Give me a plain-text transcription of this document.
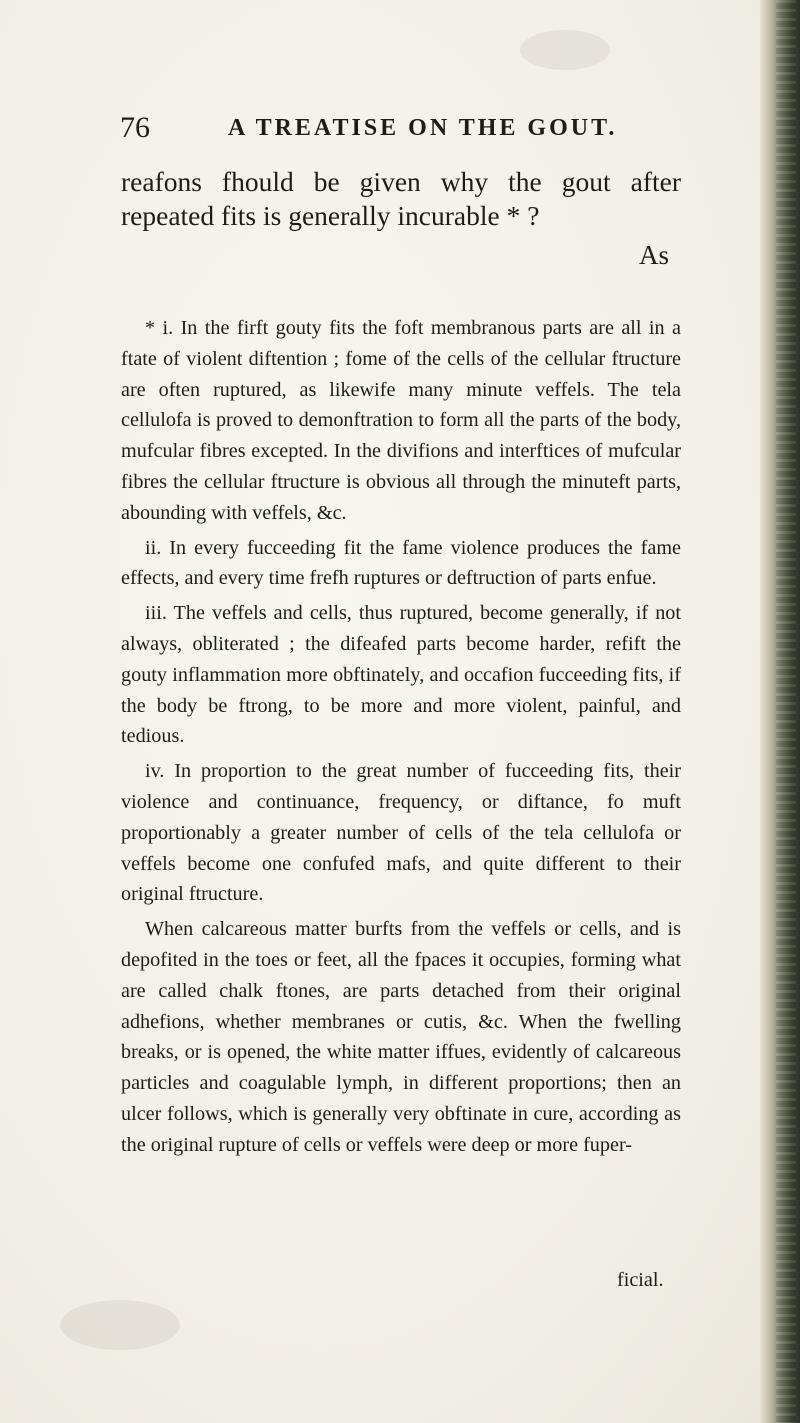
76	A TREATISE ON THE GOUT.

reafons fhould be given why the gout after repeated fits is generally incurable * ?

As

* i. In the firft gouty fits the foft membranous parts are all in a ftate of violent diftention ; fome of the cells of the cellular ftructure are often ruptured, as likewife many minute veffels. The tela cellulofa is proved to demonftration to form all the parts of the body, mufcular fibres excepted. In the divifions and interftices of mufcular fibres the cellular ftructure is obvious all through the minuteft parts, abounding with veffels, &c.

ii. In every fucceeding fit the fame violence produces the fame effects, and every time frefh ruptures or deftruction of parts enfue.

iii. The veffels and cells, thus ruptured, become generally, if not always, obliterated ; the difeafed parts become harder, refift the gouty inflammation more obftinately, and occafion fucceeding fits, if the body be ftrong, to be more and more violent, painful, and tedious.

iv. In proportion to the great number of fucceeding fits, their violence and continuance, frequency, or diftance, fo muft proportionably a greater number of cells of the tela cellulofa or veffels become one confufed mafs, and quite different to their original ftructure.

When calcareous matter burfts from the veffels or cells, and is depofited in the toes or feet, all the fpaces it occupies, forming what are called chalk ftones, are parts detached from their original adhefions, whether membranes or cutis, &c. When the fwelling breaks, or is opened, the white matter iffues, evidently of calcareous particles and coagulable lymph, in different proportions; then an ulcer follows, which is generally very obftinate in cure, according as the original rupture of cells or veffels were deep or more fuper-

ficial.
